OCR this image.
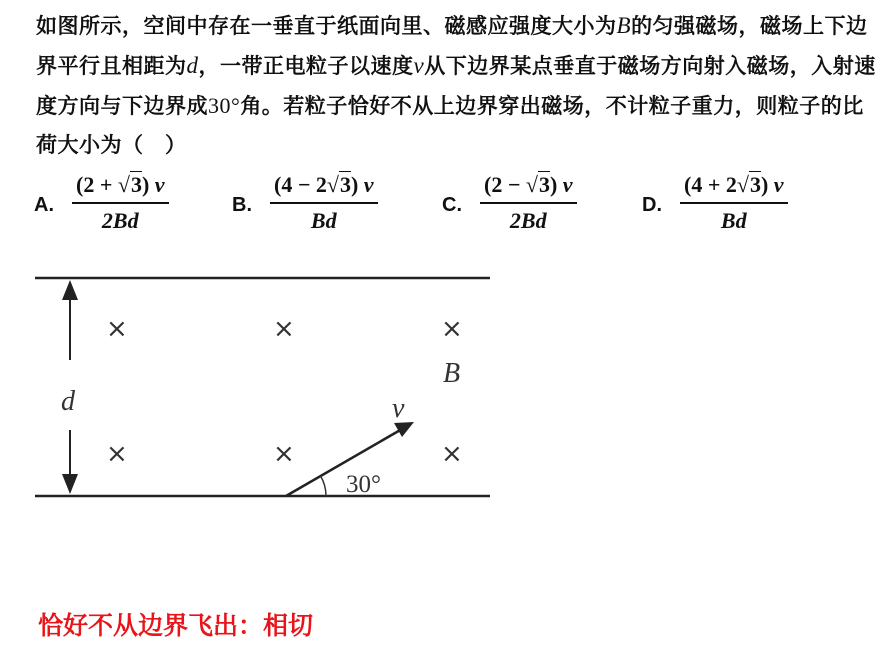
如图所示，空间中存在一垂直于纸面向里、磁感应强度大小为B的匀强磁场，磁场上下边界平行且相距为d，一带正电粒子以速度v从下边界某点垂直于磁场方向射入磁场，入射速度方向与下边界成30°角。若粒子恰好不从上边界穿出磁场，不计粒子重力，则粒子的比荷大小为（　）
A.
(2 + √3) v
2Bd
B.
(4 − 2√3) v
Bd
C.
(2 − √3) v
2Bd
D.
(4 + 2√3) v
Bd
d
×	×	×
×	×	×
B
v
30°
恰好不从边界飞出：相切
